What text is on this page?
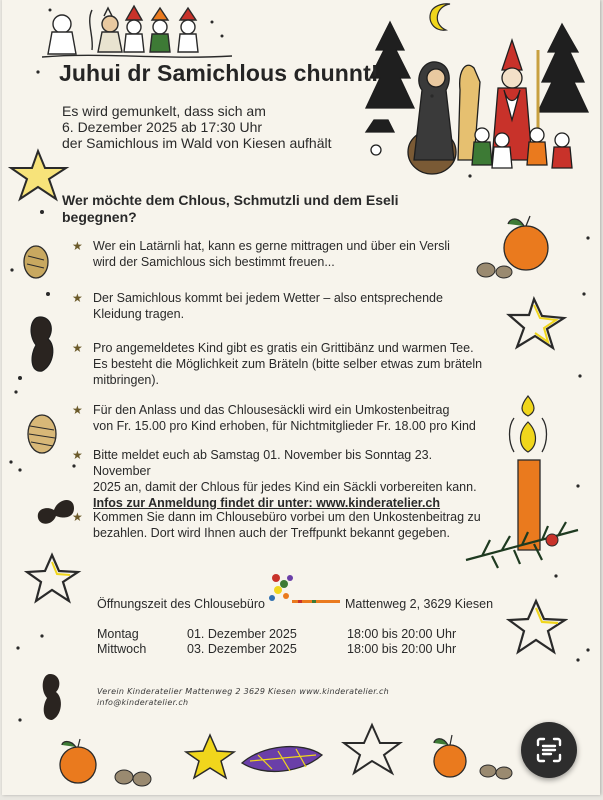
Juhui dr Samichlous chunnt!
Es wird gemunkelt, dass sich am
6. Dezember 2025 ab 17:30 Uhr
der Samichlous im Wald von Kiesen aufhält
Wer möchte dem Chlous, Schmutzli und dem Eseli begegnen?
★ Wer ein Latärnli hat, kann es gerne mittragen und über ein Versli
wird der Samichlous sich bestimmt freuen...
★ Der Samichlous kommt bei jedem Wetter – also entsprechende
Kleidung tragen.
★ Pro angemeldetes Kind gibt es gratis ein Grittibänz und warmen Tee.
Es besteht die Möglichkeit zum Bräteln (bitte selber etwas zum bräteln
mitbringen).
★ Für den Anlass und das Chlousesäckli wird ein Umkostenbeitrag
von Fr. 15.00 pro Kind erhoben, für Nichtmitglieder Fr. 18.00 pro Kind
★ Bitte meldet euch ab Samstag 01. November bis Sonntag 23. November
2025 an, damit der Chlous für jedes Kind ein Säckli vorbereiten kann.
Infos zur Anmeldung findet dir unter: www.kinderatelier.ch
★ Kommen Sie dann im Chlousebüro vorbei um den Unkostenbeitrag zu
bezahlen. Dort wird Ihnen auch der Treffpunkt bekannt gegeben.
Öffnungszeit des Chlousebüro	Mattenweg 2, 3629 Kiesen
Montag	01. Dezember 2025	18:00 bis 20:00 Uhr
Mittwoch	03. Dezember 2025	18:00 bis 20:00 Uhr
Verein Kinderatelier Mattenweg 2 3629 Kiesen www.kinderatelier.ch
info@kinderatelier.ch
